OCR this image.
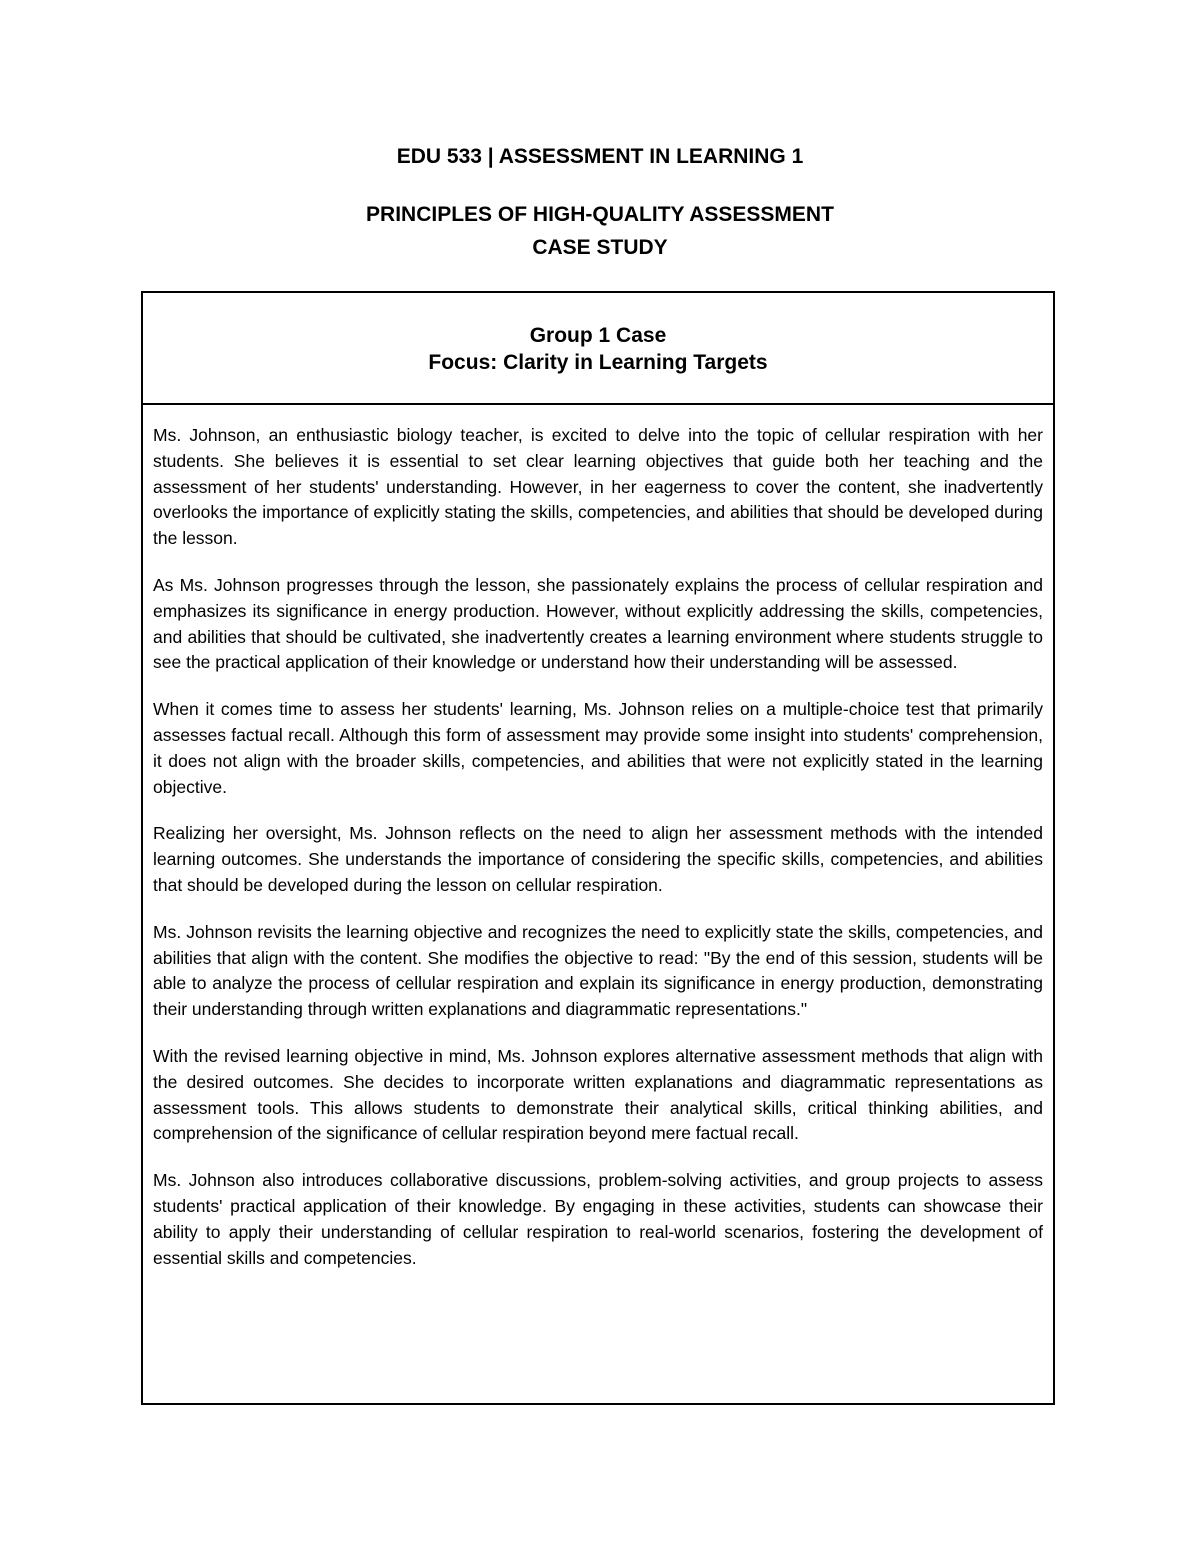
EDU 533 | ASSESSMENT IN LEARNING 1
PRINCIPLES OF HIGH-QUALITY ASSESSMENT
CASE STUDY
Group 1 Case
Focus: Clarity in Learning Targets

Ms. Johnson, an enthusiastic biology teacher, is excited to delve into the topic of cellular respiration with her students. She believes it is essential to set clear learning objectives that guide both her teaching and the assessment of her students' understanding. However, in her eagerness to cover the content, she inadvertently overlooks the importance of explicitly stating the skills, competencies, and abilities that should be developed during the lesson.

As Ms. Johnson progresses through the lesson, she passionately explains the process of cellular respiration and emphasizes its significance in energy production. However, without explicitly addressing the skills, competencies, and abilities that should be cultivated, she inadvertently creates a learning environment where students struggle to see the practical application of their knowledge or understand how their understanding will be assessed.

When it comes time to assess her students' learning, Ms. Johnson relies on a multiple-choice test that primarily assesses factual recall. Although this form of assessment may provide some insight into students' comprehension, it does not align with the broader skills, competencies, and abilities that were not explicitly stated in the learning objective.

Realizing her oversight, Ms. Johnson reflects on the need to align her assessment methods with the intended learning outcomes. She understands the importance of considering the specific skills, competencies, and abilities that should be developed during the lesson on cellular respiration.

Ms. Johnson revisits the learning objective and recognizes the need to explicitly state the skills, competencies, and abilities that align with the content. She modifies the objective to read: "By the end of this session, students will be able to analyze the process of cellular respiration and explain its significance in energy production, demonstrating their understanding through written explanations and diagrammatic representations."

With the revised learning objective in mind, Ms. Johnson explores alternative assessment methods that align with the desired outcomes. She decides to incorporate written explanations and diagrammatic representations as assessment tools. This allows students to demonstrate their analytical skills, critical thinking abilities, and comprehension of the significance of cellular respiration beyond mere factual recall.

Ms. Johnson also introduces collaborative discussions, problem-solving activities, and group projects to assess students' practical application of their knowledge. By engaging in these activities, students can showcase their ability to apply their understanding of cellular respiration to real-world scenarios, fostering the development of essential skills and competencies.
